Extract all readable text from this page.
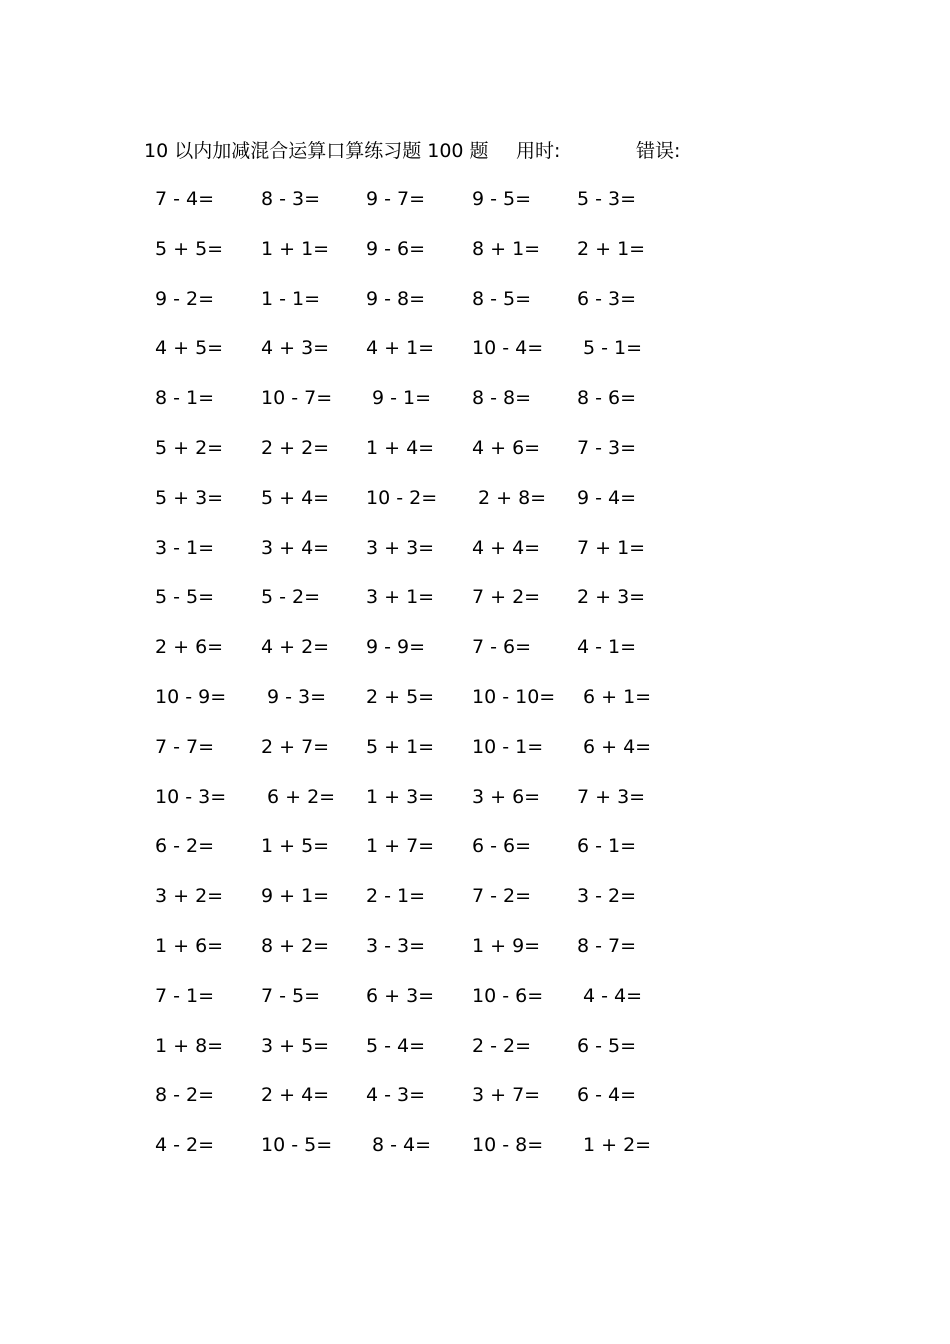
10 以内加减混合运算口算练习题 100 题 用时:	错误:
7 - 4= 8 - 3= 9 - 7= 9 - 5= 5 - 3=
5 + 5= 1 + 1= 9 - 6= 8 + 1= 2 + 1=
9 - 2= 1 - 1= 9 - 8= 8 - 5= 6 - 3=
4 + 5= 4 + 3= 4 + 1= 10 - 4= 5 - 1=
8 - 1= 10 - 7= 9 - 1= 8 - 8= 8 - 6=
5 + 2= 2 + 2= 1 + 4= 4 + 6= 7 - 3=
5 + 3= 5 + 4= 10 - 2= 2 + 8= 9 - 4=
3 - 1= 3 + 4= 3 + 3= 4 + 4= 7 + 1=
5 - 5= 5 - 2= 3 + 1= 7 + 2= 2 + 3=
2 + 6= 4 + 2= 9 - 9= 7 - 6= 4 - 1=
10 - 9= 9 - 3= 2 + 5= 10 - 10= 6 + 1=
7 - 7= 2 + 7= 5 + 1= 10 - 1= 6 + 4=
10 - 3= 6 + 2= 1 + 3= 3 + 6= 7 + 3=
6 - 2= 1 + 5= 1 + 7= 6 - 6= 6 - 1=
3 + 2= 9 + 1= 2 - 1= 7 - 2= 3 - 2=
1 + 6= 8 + 2= 3 - 3= 1 + 9= 8 - 7=
7 - 1= 7 - 5= 6 + 3= 10 - 6= 4 - 4=
1 + 8= 3 + 5= 5 - 4= 2 - 2= 6 - 5=
8 - 2= 2 + 4= 4 - 3= 3 + 7= 6 - 4=
4 - 2= 10 - 5= 8 - 4= 10 - 8= 1 + 2=
